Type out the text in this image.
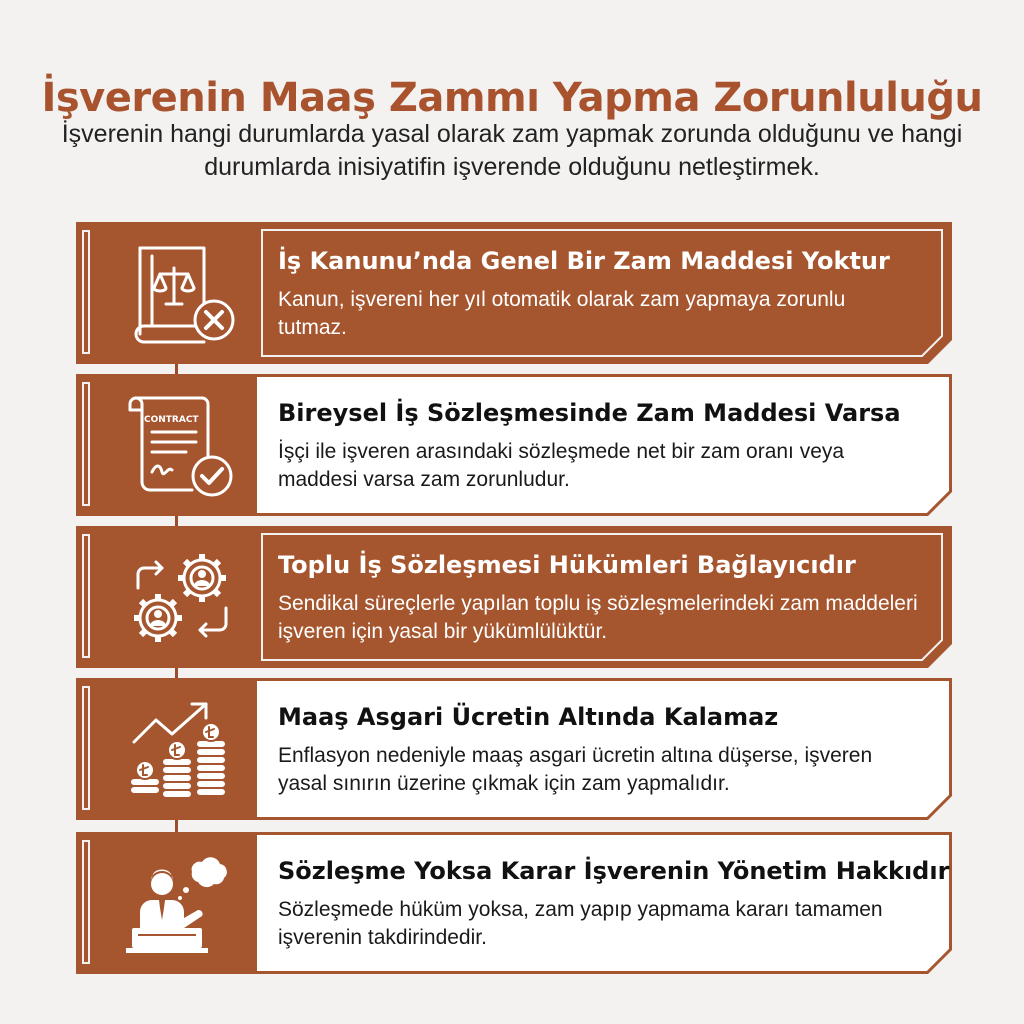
İşverenin Maaş Zammı Yapma Zorunluluğu
İşverenin hangi durumlarda yasal olarak zam yapmak zorunda olduğunu ve hangi durumlarda inisiyatifin işverende olduğunu netleştirmek.
İş Kanunu’nda Genel Bir Zam Maddesi Yoktur

Kanun, işvereni her yıl otomatik olarak zam yapmaya zorunlu tutmaz.

CONTRACT	Bireysel İş Sözleşmesinde Zam Maddesi Varsa

İşçi ile işveren arasındaki sözleşmede net bir zam oranı veya maddesi varsa zam zorunludur.

Toplu İş Sözleşmesi Hükümleri Bağlayıcıdır

Sendikal süreçlerle yapılan toplu iş sözleşmelerindeki zam maddeleri işveren için yasal bir yükümlülüktür.

Maaş Asgari Ücretin Altında Kalamaz

Enflasyon nedeniyle maaş asgari ücretin altına düşerse, işveren yasal sınırın üzerine çıkmak için zam yapmalıdır.

Sözleşme Yoksa Karar İşverenin Yönetim Hakkıdır

Sözleşmede hüküm yoksa, zam yapıp yapmama kararı tamamen işverenin takdirindedir.
